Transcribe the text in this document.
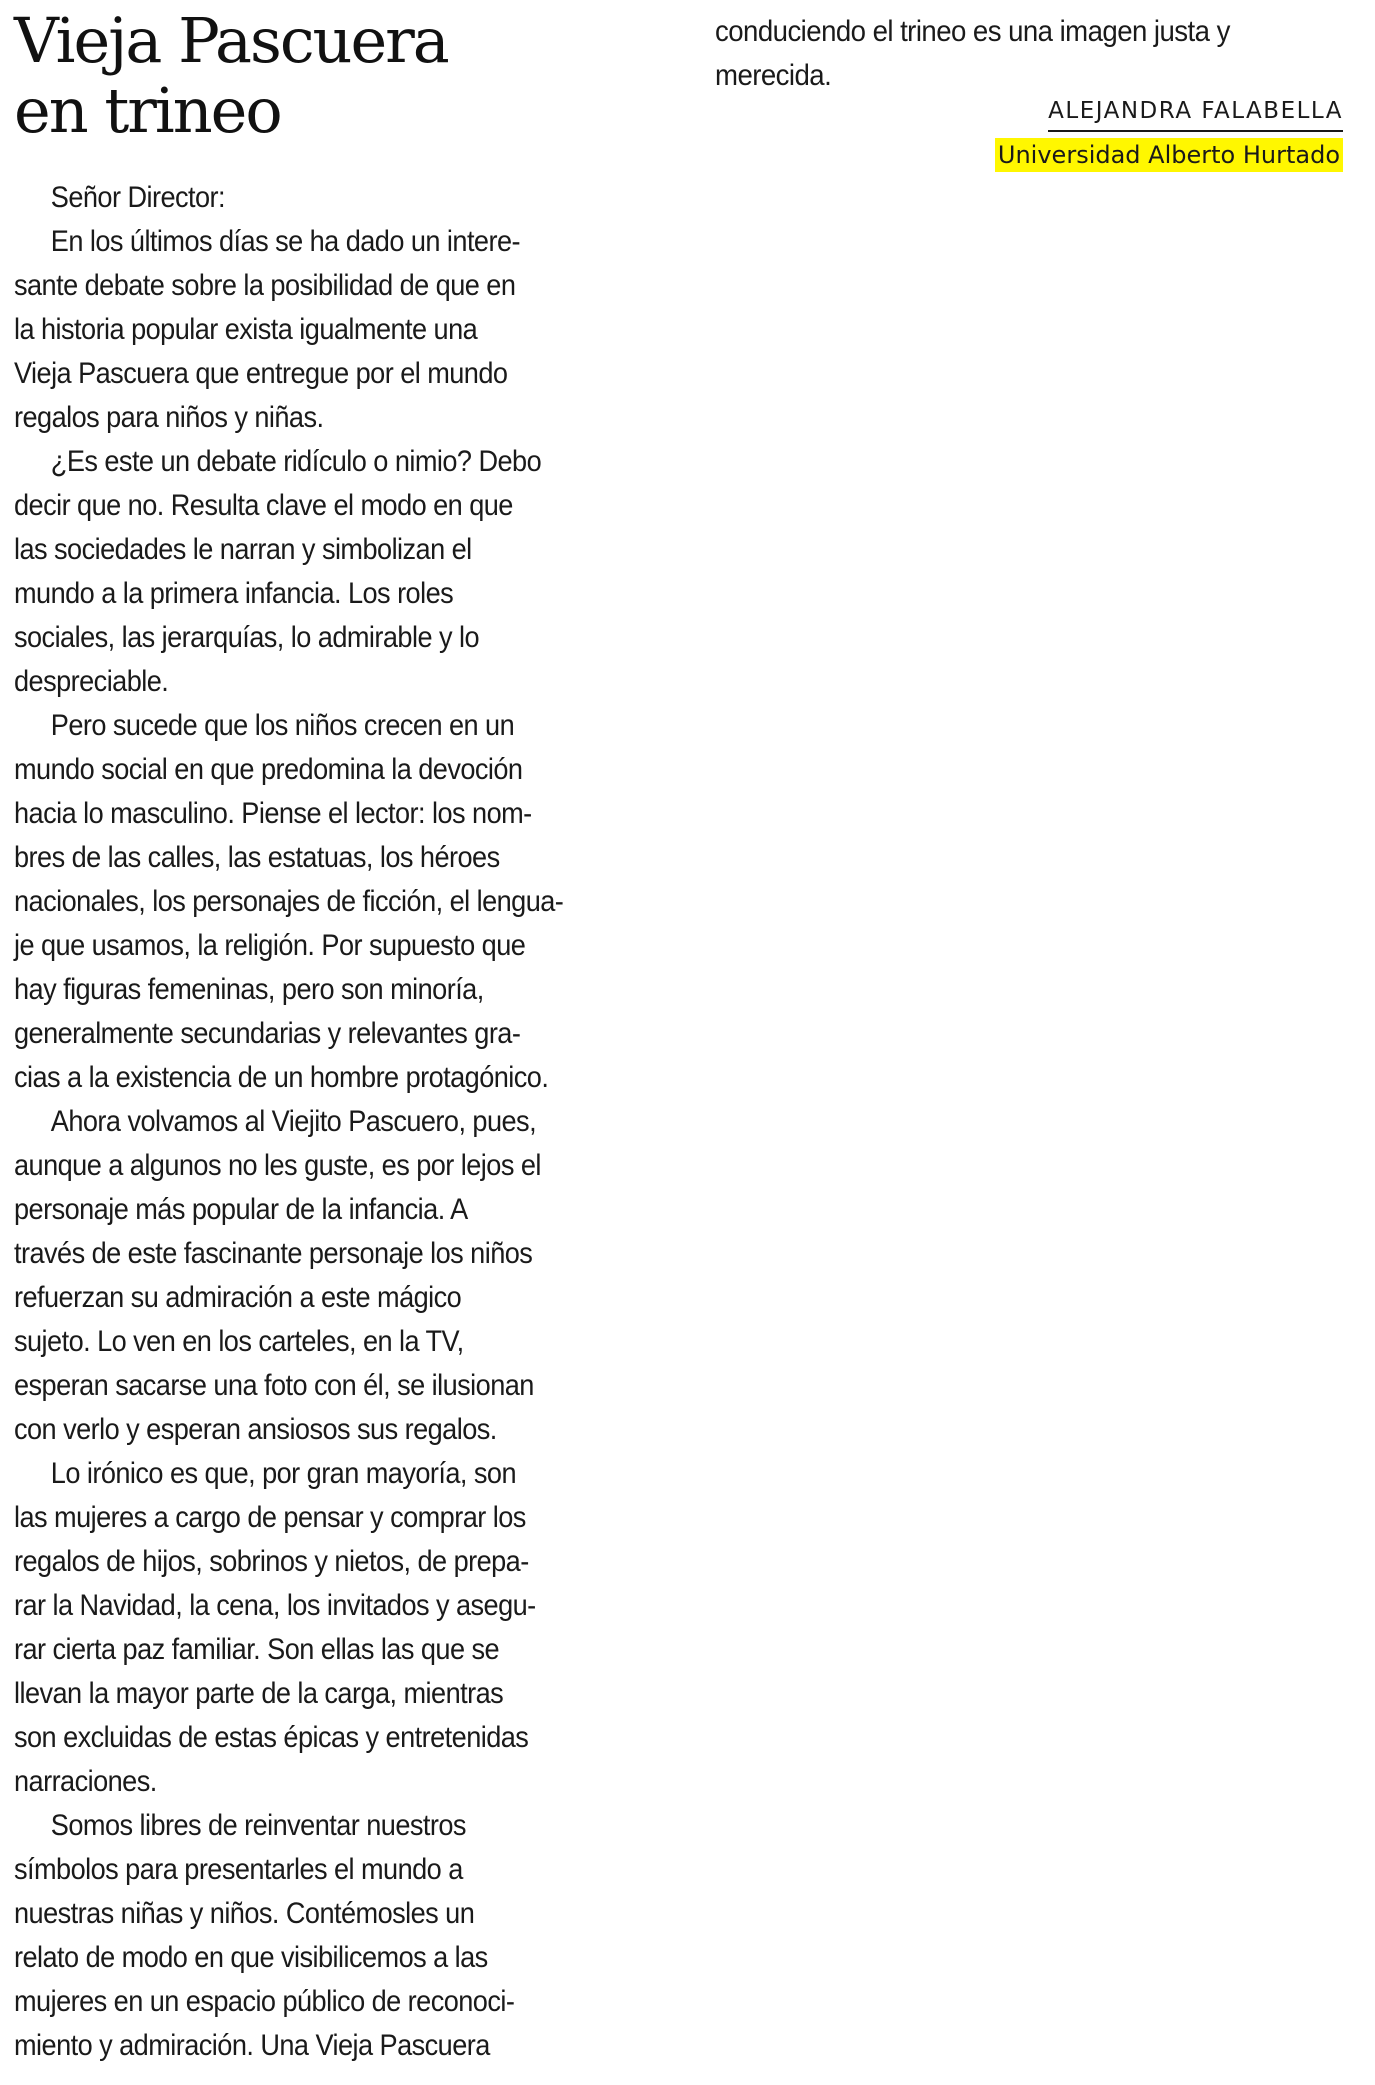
Vieja Pascuera en trineo
Señor Director:
En los últimos días se ha dado un intere-
sante debate sobre la posibilidad de que en
la historia popular exista igualmente una
Vieja Pascuera que entregue por el mundo
regalos para niños y niñas.
¿Es este un debate ridículo o nimio? Debo
decir que no. Resulta clave el modo en que
las sociedades le narran y simbolizan el
mundo a la primera infancia. Los roles
sociales, las jerarquías, lo admirable y lo
despreciable.
Pero sucede que los niños crecen en un
mundo social en que predomina la devoción
hacia lo masculino. Piense el lector: los nom-
bres de las calles, las estatuas, los héroes
nacionales, los personajes de ficción, el lengua-
je que usamos, la religión. Por supuesto que
hay figuras femeninas, pero son minoría,
generalmente secundarias y relevantes gra-
cias a la existencia de un hombre protagónico.
Ahora volvamos al Viejito Pascuero, pues,
aunque a algunos no les guste, es por lejos el
personaje más popular de la infancia. A
través de este fascinante personaje los niños
refuerzan su admiración a este mágico
sujeto. Lo ven en los carteles, en la TV,
esperan sacarse una foto con él, se ilusionan
con verlo y esperan ansiosos sus regalos.
Lo irónico es que, por gran mayoría, son
las mujeres a cargo de pensar y comprar los
regalos de hijos, sobrinos y nietos, de prepa-
rar la Navidad, la cena, los invitados y asegu-
rar cierta paz familiar. Son ellas las que se
llevan la mayor parte de la carga, mientras
son excluidas de estas épicas y entretenidas
narraciones.
Somos libres de reinventar nuestros
símbolos para presentarles el mundo a
nuestras niñas y niños. Contémosles un
relato de modo en que visibilicemos a las
mujeres en un espacio público de reconoci-
miento y admiración. Una Vieja Pascuera
conduciendo el trineo es una imagen justa y
merecida.
ALEJANDRA FALABELLA
Universidad Alberto Hurtado
